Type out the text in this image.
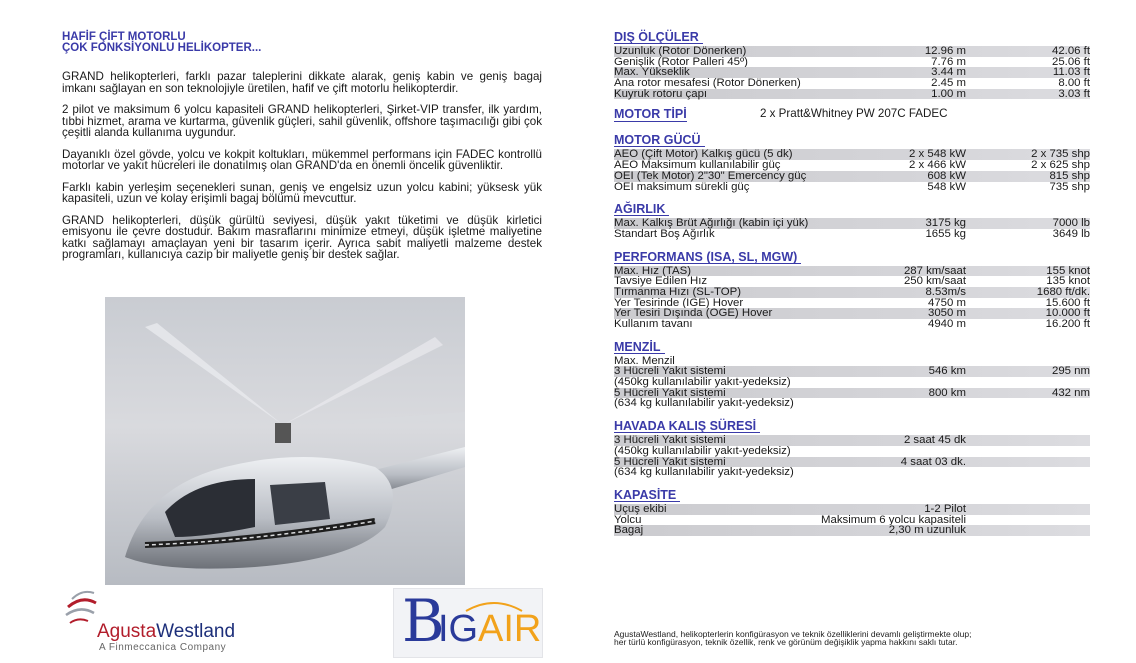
HAFİF ÇİFT MOTORLU
ÇOK FONKSİYONLU HELİKOPTER...

GRAND helikopterleri, farklı pazar taleplerini dikkate alarak, geniş kabin ve geniş bagaj imkanı sağlayan en son teknolojiyle üretilen, hafif ve çift motorlu helikopterdir.

2 pilot ve maksimum 6 yolcu kapasiteli GRAND helikopterleri, Şirket-VIP transfer, ilk yardım, tıbbi hizmet, arama ve kurtarma, güvenlik güçleri, sahil güvenlik, offshore taşımacılığı gibi çok çeşitli alanda kullanıma uygundur.

Dayanıklı özel gövde, yolcu ve kokpit koltukları, mükemmel performans için FADEC kontrollü motorlar ve yakıt hücreleri ile donatılmış olan GRAND'da en önemli öncelik güvenliktir.

Farklı kabin yerleşim seçenekleri sunan, geniş ve engelsiz uzun yolcu kabini; yüksesk yük kapasiteli, uzun ve kolay erişimli bagaj bölümü mevcuttur.

GRAND helikopterleri, düşük gürültü seviyesi, düşük yakıt tüketimi ve düşük kirletici emisyonu ile çevre dostudur. Bakım masraflarını minimize etmeyi, düşük işletme maliyetine katkı sağlamayı amaçlayan yeni bir tasarım içerir. Ayrıca sabit maliyetli malzeme destek programları, kullanıcıya cazip bir maliyetle geniş bir destek sağlar.

AgustaWestland
A Finmeccanica Company	B
IG AIR
DIŞ ÖLÇÜLER
Uzunluk (Rotor Dönerken)	12.96 m	42.06 ft
Genişlik (Rotor Palleri 45º)	7.76 m	25.06 ft
Max. Yükseklik	3.44 m	11.03 ft
Ana rotor mesafesi (Rotor Dönerken)	2.45 m	8.00 ft
Kuyruk rotoru çapı	1.00 m	3.03 ft
MOTOR TİPİ	2 x Pratt&Whitney PW 207C FADEC
MOTOR GÜCÜ
AEO (Çift Motor) Kalkış gücü (5 dk)	2 x 548 kW	2 x 735 shp
AEO Maksimum kullanılabilir güç	2 x 466 kW	2 x 625 shp
OEI (Tek Motor) 2"30" Emercency güç	608 kW	815 shp
OEI maksimum sürekli güç	548 kW	735 shp
AĞIRLIK
Max. Kalkış Brüt Ağırlığı (kabin içi yük)	3175 kg	7000 lb
Standart Boş Ağırlık	1655 kg	3649 lb
PERFORMANS (ISA, SL, MGW)
Max. Hız (TAS)	287 km/saat	155 knot
Tavsiye Edilen Hız	250 km/saat	135 knot
Tırmanma Hızı (SL-TOP)	8.53m/s	1680 ft/dk.
Yer Tesirinde (IGE) Hover	4750 m	15.600 ft
Yer Tesiri Dışında (OGE) Hover	3050 m	10.000 ft
Kullanım tavanı	4940 m	16.200 ft
MENZİL
Max. Menzil
3 Hücreli Yakıt sistemi	546 km	295 nm
(450kg kullanılabilir yakıt-yedeksiz)
5 Hücreli Yakıt sistemi	800 km	432 nm
(634 kg kullanılabilir yakıt-yedeksiz)
HAVADA KALIŞ SÜRESİ
3 Hücreli Yakıt sistemi	2 saat 45 dk
(450kg kullanılabilir yakıt-yedeksiz)
5 Hücreli Yakıt sistemi	4 saat 03 dk.
(634 kg kullanılabilir yakıt-yedeksiz)
KAPASİTE
Uçuş ekibi	1-2 Pilot
Yolcu	Maksimum 6 yolcu kapasiteli
Bagaj	2,30 m uzunluk
AgustaWestland, helikopterlerin konfigürasyon ve teknik özelliklerini devamlı geliştirmekte olup;
her türlü konfigürasyon, teknik özellik, renk ve görünüm değişiklik yapma hakkını saklı tutar.
